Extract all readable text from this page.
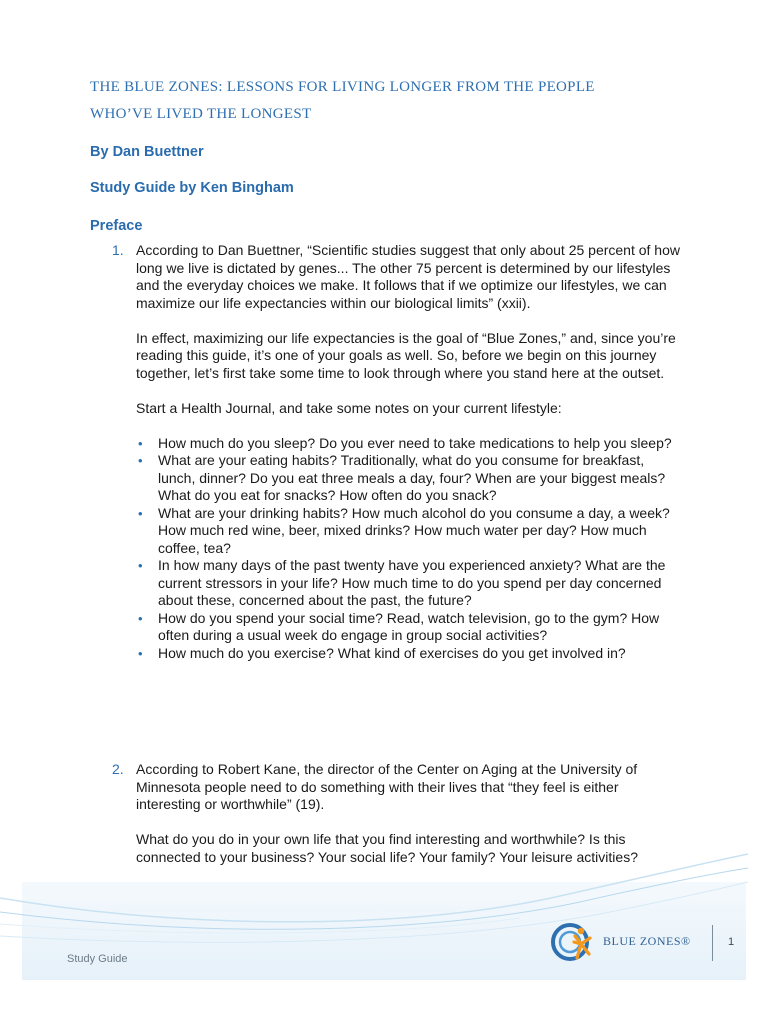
THE BLUE ZONES: LESSONS FOR LIVING LONGER FROM THE PEOPLE
WHO’VE LIVED THE LONGEST
By Dan Buettner
Study Guide by Ken Bingham
Preface
1. According to Dan Buettner, “Scientific studies suggest that only about 25 percent of how long we live is dictated by genes... The other 75 percent is determined by our lifestyles and the everyday choices we make. It follows that if we optimize our lifestyles, we can maximize our life expectancies within our biological limits” (xxii).

In effect, maximizing our life expectancies is the goal of “Blue Zones,” and, since you’re reading this guide, it’s one of your goals as well. So, before we begin on this journey together, let’s first take some time to look through where you stand here at the outset.

Start a Health Journal, and take some notes on your current lifestyle:

• How much do you sleep? Do you ever need to take medications to help you sleep?
• What are your eating habits? Traditionally, what do you consume for breakfast, lunch, dinner? Do you eat three meals a day, four? When are your biggest meals? What do you eat for snacks? How often do you snack?
• What are your drinking habits? How much alcohol do you consume a day, a week? How much red wine, beer, mixed drinks? How much water per day? How much coffee, tea?
• In how many days of the past twenty have you experienced anxiety? What are the current stressors in your life? How much time to do you spend per day concerned about these, concerned about the past, the future?
• How do you spend your social time? Read, watch television, go to the gym? How often during a usual week do engage in group social activities?
• How much do you exercise? What kind of exercises do you get involved in?
2. According to Robert Kane, the director of the Center on Aging at the University of Minnesota people need to do something with their lives that “they feel is either interesting or worthwhile” (19).

What do you do in your own life that you find interesting and worthwhile? Is this connected to your business? Your social life? Your family? Your leisure activities?

Study Guide
BLUE ZONES®	1
